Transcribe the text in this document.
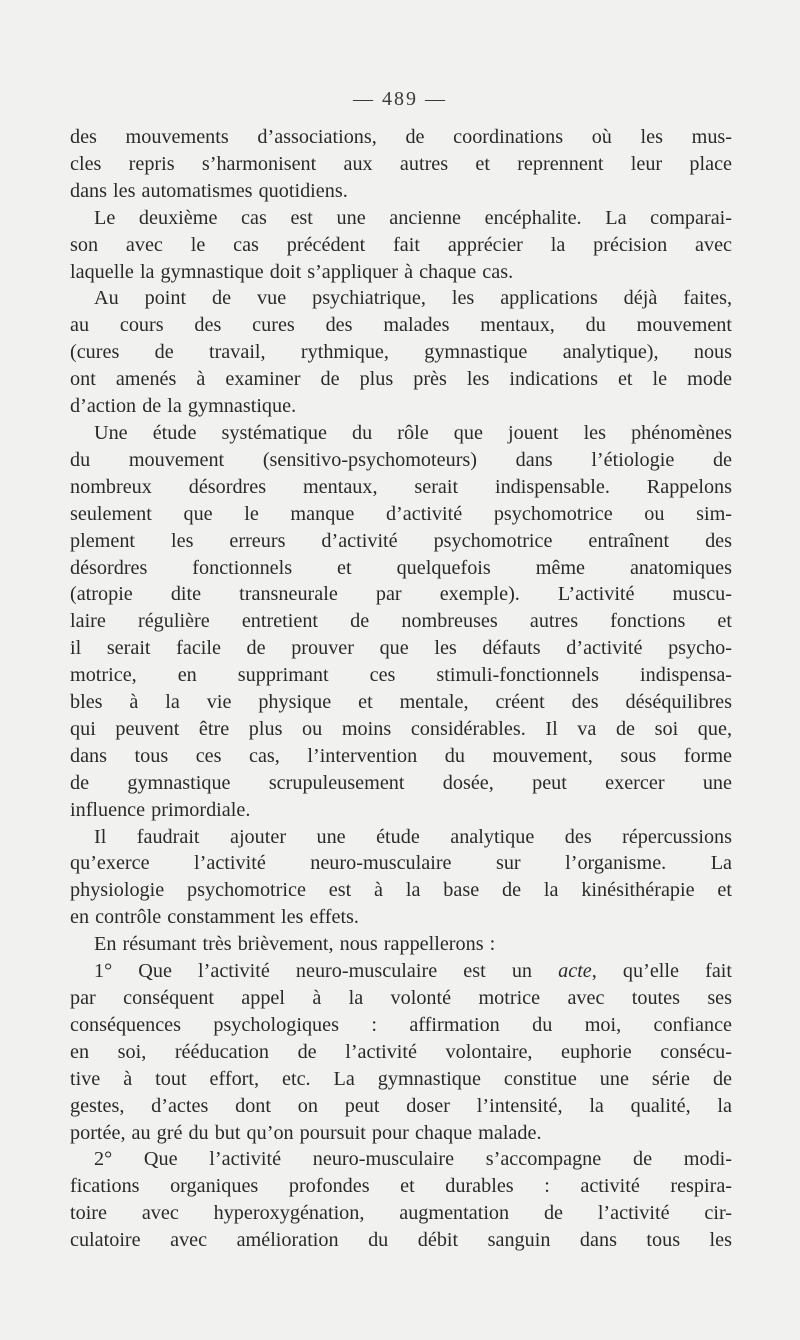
— 489 —
des mouvements d’associations, de coordinations où les mus-
cles repris s’harmonisent aux autres et reprennent leur place
dans les automatismes quotidiens.
Le deuxième cas est une ancienne encéphalite. La comparai-
son avec le cas précédent fait apprécier la précision avec
laquelle la gymnastique doit s’appliquer à chaque cas.
Au point de vue psychiatrique, les applications déjà faites,
au cours des cures des malades mentaux, du mouvement
(cures de travail, rythmique, gymnastique analytique), nous
ont amenés à examiner de plus près les indications et le mode
d’action de la gymnastique.
Une étude systématique du rôle que jouent les phénomènes
du mouvement (sensitivo-psychomoteurs) dans l’étiologie de
nombreux désordres mentaux, serait indispensable. Rappelons
seulement que le manque d’activité psychomotrice ou sim-
plement les erreurs d’activité psychomotrice entraînent des
désordres fonctionnels et quelquefois même anatomiques
(atropie dite transneurale par exemple). L’activité muscu-
laire régulière entretient de nombreuses autres fonctions et
il serait facile de prouver que les défauts d’activité psycho-
motrice, en supprimant ces stimuli-fonctionnels indispensa-
bles à la vie physique et mentale, créent des déséquilibres
qui peuvent être plus ou moins considérables. Il va de soi que,
dans tous ces cas, l’intervention du mouvement, sous forme
de gymnastique scrupuleusement dosée, peut exercer une
influence primordiale.
Il faudrait ajouter une étude analytique des répercussions
qu’exerce l’activité neuro-musculaire sur l’organisme. La
physiologie psychomotrice est à la base de la kinésithérapie et
en contrôle constamment les effets.
En résumant très brièvement, nous rappellerons :
1° Que l’activité neuro-musculaire est un acte, qu’elle fait
par conséquent appel à la volonté motrice avec toutes ses
conséquences psychologiques : affirmation du moi, confiance
en soi, rééducation de l’activité volontaire, euphorie consécu-
tive à tout effort, etc. La gymnastique constitue une série de
gestes, d’actes dont on peut doser l’intensité, la qualité, la
portée, au gré du but qu’on poursuit pour chaque malade.
2° Que l’activité neuro-musculaire s’accompagne de modi-
fications organiques profondes et durables : activité respira-
toire avec hyperoxygénation, augmentation de l’activité cir-
culatoire avec amélioration du débit sanguin dans tous les
